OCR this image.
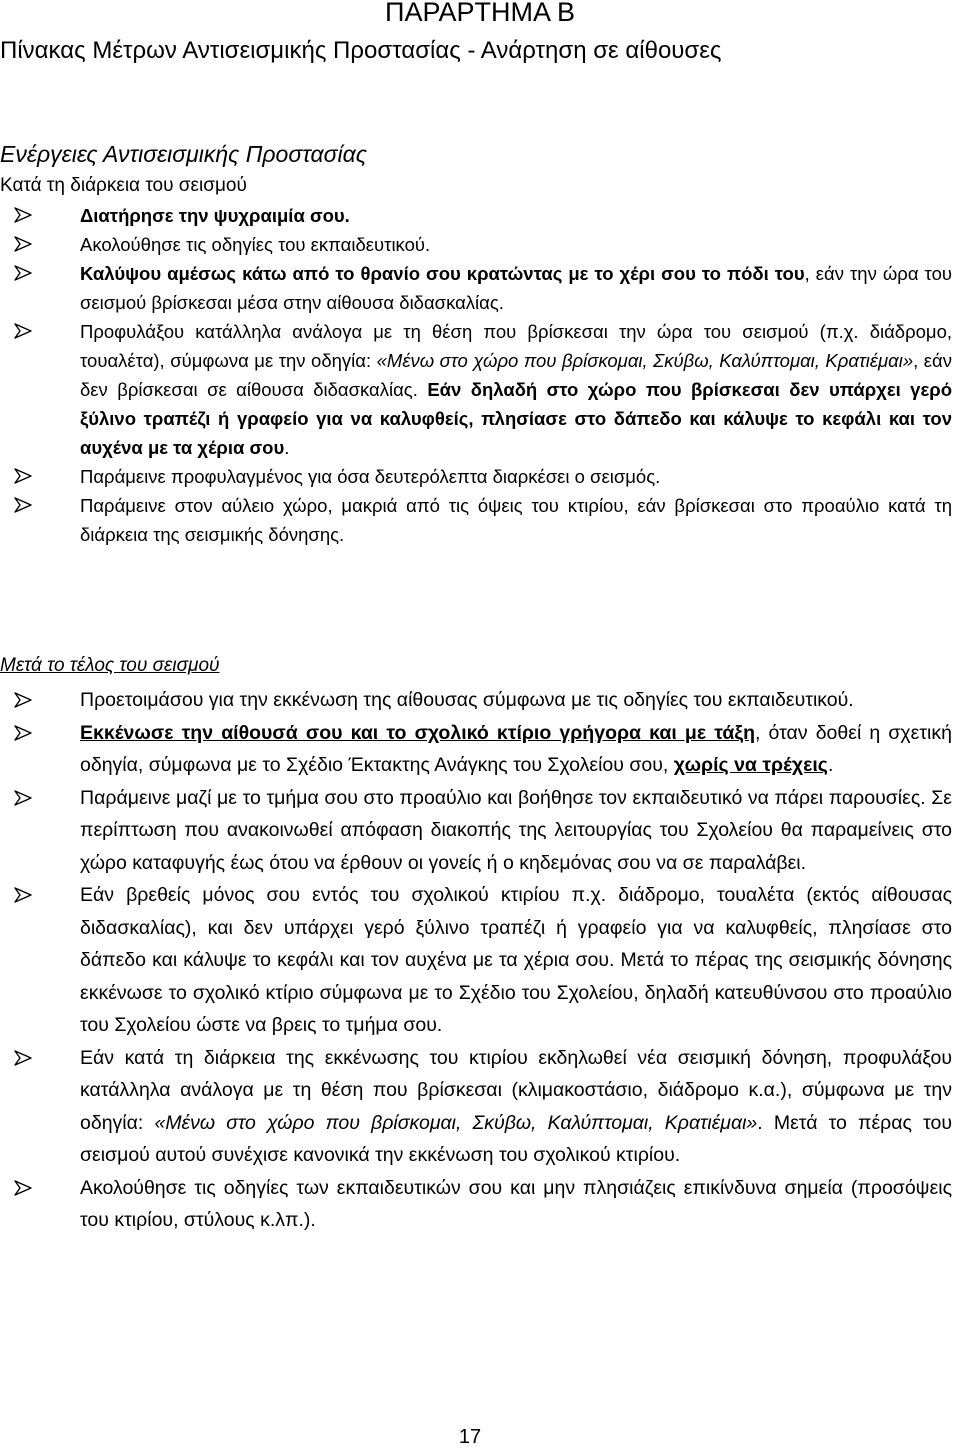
ΠΑΡΑΡΤΗΜΑ Β
Πίνακας Μέτρων Αντισεισμικής Προστασίας - Ανάρτηση σε αίθουσες
Ενέργειες Αντισεισμικής Προστασίας
Κατά τη διάρκεια του σεισμού
Διατήρησε την ψυχραιμία σου.
Ακολούθησε τις οδηγίες του εκπαιδευτικού.
Καλύψου αμέσως κάτω από το θρανίο σου κρατώντας με το χέρι σου το πόδι του, εάν την ώρα του σεισμού βρίσκεσαι μέσα στην αίθουσα διδασκαλίας.
Προφυλάξου κατάλληλα ανάλογα με τη θέση που βρίσκεσαι την ώρα του σεισμού (π.χ. διάδρομο, τουαλέτα), σύμφωνα με την οδηγία: «Μένω στο χώρο που βρίσκομαι, Σκύβω, Καλύπτομαι, Κρατιέμαι», εάν δεν βρίσκεσαι σε αίθουσα διδασκαλίας. Εάν δηλαδή στο χώρο που βρίσκεσαι δεν υπάρχει γερό ξύλινο τραπέζι ή γραφείο για να καλυφθείς, πλησίασε στο δάπεδο και κάλυψε το κεφάλι και τον αυχένα με τα χέρια σου.
Παράμεινε προφυλαγμένος για όσα δευτερόλεπτα διαρκέσει ο σεισμός.
Παράμεινε στον αύλειο χώρο, μακριά από τις όψεις του κτιρίου, εάν βρίσκεσαι στο προαύλιο κατά τη διάρκεια της σεισμικής δόνησης.
Μετά το τέλος του σεισμού
Προετοιμάσου για την εκκένωση της αίθουσας σύμφωνα με τις οδηγίες του εκπαιδευτικού.
Εκκένωσε την αίθουσά σου και το σχολικό κτίριο γρήγορα και με τάξη, όταν δοθεί η σχετική οδηγία, σύμφωνα με το Σχέδιο Έκτακτης Ανάγκης του Σχολείου σου, χωρίς να τρέχεις.
Παράμεινε μαζί με το τμήμα σου στο προαύλιο και βοήθησε τον εκπαιδευτικό να πάρει παρουσίες. Σε περίπτωση που ανακοινωθεί απόφαση διακοπής της λειτουργίας του Σχολείου θα παραμείνεις στο χώρο καταφυγής έως ότου να έρθουν οι γονείς ή ο κηδεμόνας σου να σε παραλάβει.
Εάν βρεθείς μόνος σου εντός του σχολικού κτιρίου π.χ. διάδρομο, τουαλέτα (εκτός αίθουσας διδασκαλίας), και δεν υπάρχει γερό ξύλινο τραπέζι ή γραφείο για να καλυφθείς, πλησίασε στο δάπεδο και κάλυψε το κεφάλι και τον αυχένα με τα χέρια σου. Μετά το πέρας της σεισμικής δόνησης εκκένωσε το σχολικό κτίριο σύμφωνα με το Σχέδιο του Σχολείου, δηλαδή κατευθύνσου στο προαύλιο του Σχολείου ώστε να βρεις το τμήμα σου.
Εάν κατά τη διάρκεια της εκκένωσης του κτιρίου εκδηλωθεί νέα σεισμική δόνηση, προφυλάξου κατάλληλα ανάλογα με τη θέση που βρίσκεσαι (κλιμακοστάσιο, διάδρομο κ.α.), σύμφωνα με την οδηγία: «Μένω στο χώρο που βρίσκομαι, Σκύβω, Καλύπτομαι, Κρατιέμαι». Μετά το πέρας του σεισμού αυτού συνέχισε κανονικά την εκκένωση του σχολικού κτιρίου.
Ακολούθησε τις οδηγίες των εκπαιδευτικών σου και μην πλησιάζεις επικίνδυνα σημεία (προσόψεις του κτιρίου, στύλους κ.λπ.).
17
